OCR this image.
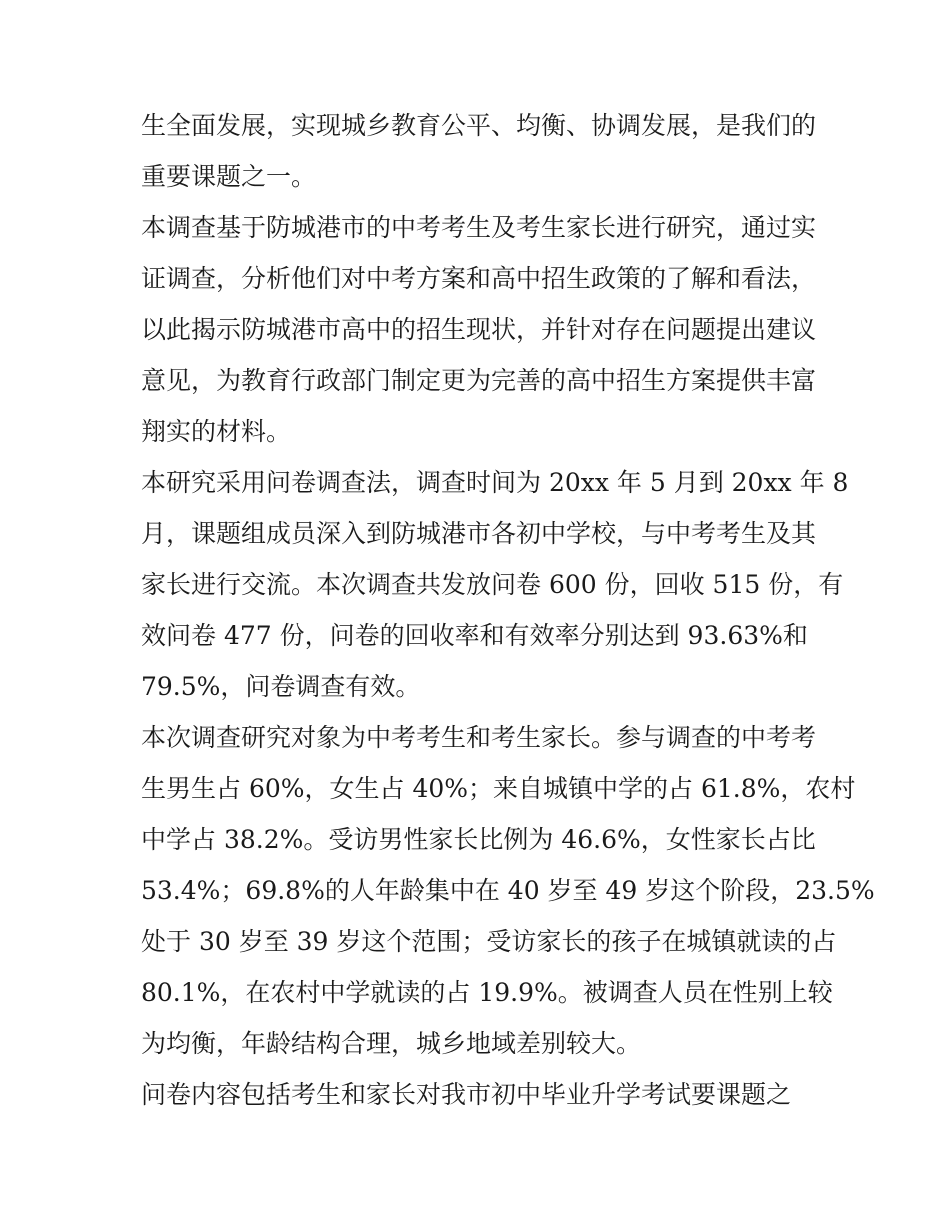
生全面发展，实现城乡教育公平、均衡、协调发展，是我们的
重要课题之一。
本调查基于防城港市的中考考生及考生家长进行研究，通过实
证调查，分析他们对中考方案和高中招生政策的了解和看法，
以此揭示防城港市高中的招生现状，并针对存在问题提出建议
意见，为教育行政部门制定更为完善的高中招生方案提供丰富
翔实的材料。
本研究采用问卷调查法，调查时间为 20xx 年 5 月到 20xx 年 8
月，课题组成员深入到防城港市各初中学校，与中考考生及其
家长进行交流。本次调查共发放问卷 600 份，回收 515 份，有
效问卷 477 份，问卷的回收率和有效率分别达到 93.63%和
79.5%，问卷调查有效。
本次调查研究对象为中考考生和考生家长。参与调查的中考考
生男生占 60%，女生占 40%；来自城镇中学的占 61.8%，农村
中学占 38.2%。受访男性家长比例为 46.6%，女性家长占比
53.4%；69.8%的人年龄集中在 40 岁至 49 岁这个阶段，23.5%
处于 30 岁至 39 岁这个范围；受访家长的孩子在城镇就读的占
80.1%，在农村中学就读的占 19.9%。被调查人员在性别上较
为均衡，年龄结构合理，城乡地域差别较大。
问卷内容包括考生和家长对我市初中毕业升学考试要课题之
